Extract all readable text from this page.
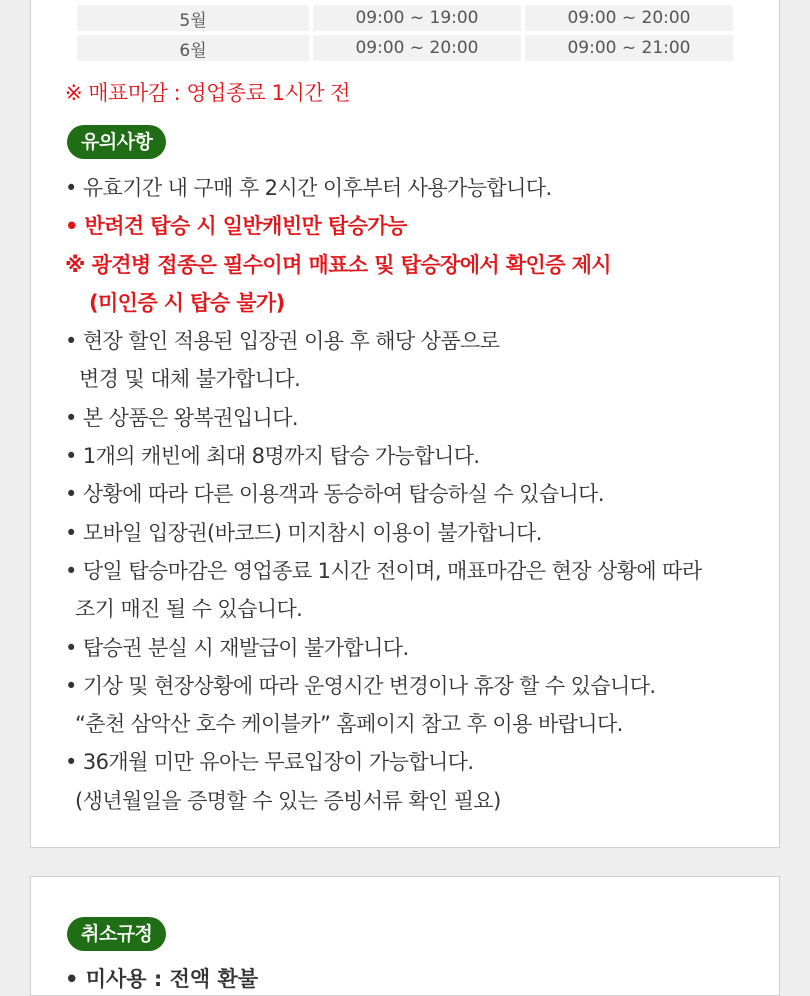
5월	09:00 ~ 19:00	09:00 ~ 20:00
6월	09:00 ~ 20:00	09:00 ~ 21:00
※ 매표마감 : 영업종료 1시간 전
유의사항
• 유효기간 내 구매 후 2시간 이후부터 사용가능합니다.
• 반려견 탑승 시 일반캐빈만 탑승가능
※ 광견병 접종은 필수이며 매표소 및 탑승장에서 확인증 제시
(미인증 시 탑승 불가)
• 현장 할인 적용된 입장권 이용 후 해당 상품으로
변경 및 대체 불가합니다.
• 본 상품은 왕복권입니다.
• 1개의 캐빈에 최대 8명까지 탑승 가능합니다.
• 상황에 따라 다른 이용객과 동승하여 탑승하실 수 있습니다.
• 모바일 입장권(바코드) 미지참시 이용이 불가합니다.
• 당일 탑승마감은 영업종료 1시간 전이며, 매표마감은 현장 상황에 따라
조기 매진 될 수 있습니다.
• 탑승권 분실 시 재발급이 불가합니다.
• 기상 및 현장상황에 따라 운영시간 변경이나 휴장 할 수 있습니다.
“춘천 삼악산 호수 케이블카” 홈페이지 참고 후 이용 바랍니다.
• 36개월 미만 유아는 무료입장이 가능합니다.
(생년월일을 증명할 수 있는 증빙서류 확인 필요)
취소규정
• 미사용 : 전액 환불
